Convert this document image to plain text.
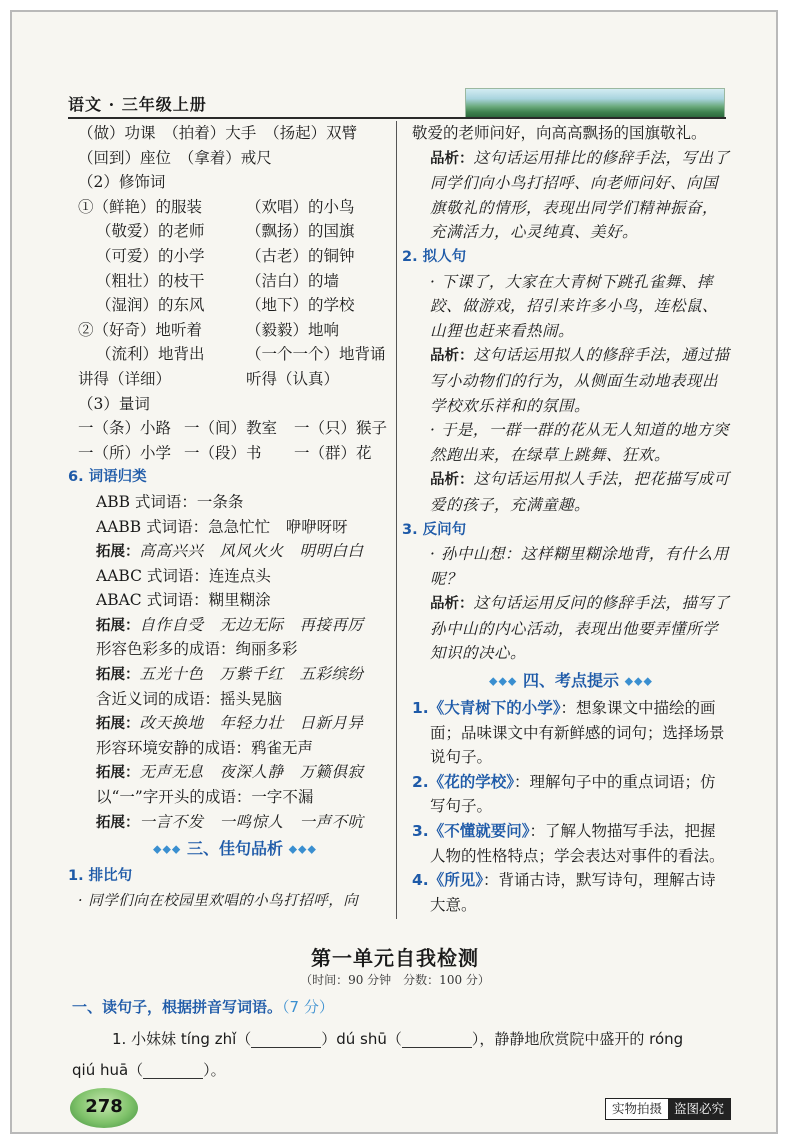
语文 · 三年级上册
（做）功课　 （拍着）大手　 （扬起）双臂
（回到）座位　 （拿着）戒尺
（2）修饰词
①（鲜艳）的服装	（欢唱）的小鸟
（敬爱）的老师	（飘扬）的国旗
（可爱）的小学	（古老）的铜钟
（粗壮）的枝干	（洁白）的墙
（湿润）的东风	（地下）的学校
②（好奇）地听着	（毅毅）地响
（流利）地背出	（一个一个）地背诵
讲得（详细）	听得（认真）
（3）量词
一（条）小路 一（间）教室 一（只）猴子
一（所）小学 一（段）书 一（群）花
6. 词语归类
ABB 式词语：一条条
AABB 式词语：急急忙忙　咿咿呀呀
拓展：高高兴兴　风风火火　明明白白
AABC 式词语：连连点头
ABAC 式词语：糊里糊涂
拓展：自作自受　无边无际　再接再厉
形容色彩多的成语：绚丽多彩
拓展：五光十色　万紫千红　五彩缤纷
含近义词的成语：摇头晃脑
拓展：改天换地　年轻力壮　日新月异
形容环境安静的成语：鸦雀无声
拓展：无声无息　夜深人静　万籁俱寂
以“一”字开头的成语：一字不漏
拓展：一言不发　一鸣惊人　一声不吭
◆◆◆ 三、佳句品析 ◆◆◆
1. 排比句
· 同学们向在校园里欢唱的小鸟打招呼，向
敬爱的老师问好，向高高飘扬的国旗敬礼。
品析：这句话运用排比的修辞手法，写出了同学们向小鸟打招呼、向老师问好、向国旗敬礼的情形，表现出同学们精神振奋，充满活力，心灵纯真、美好。
2. 拟人句
· 下课了，大家在大青树下跳孔雀舞、摔跤、做游戏，招引来许多小鸟，连松鼠、山狸也赶来看热闹。
品析：这句话运用拟人的修辞手法，通过描写小动物们的行为，从侧面生动地表现出学校欢乐祥和的氛围。
· 于是，一群一群的花从无人知道的地方突然跑出来，在绿草上跳舞、狂欢。
品析：这句话运用拟人手法，把花描写成可爱的孩子，充满童趣。
3. 反问句
· 孙中山想：这样糊里糊涂地背，有什么用呢？
品析：这句话运用反问的修辞手法，描写了孙中山的内心活动，表现出他要弄懂所学知识的决心。
◆◆◆ 四、考点提示 ◆◆◆
1.《大青树下的小学》：想象课文中描绘的画面；品味课文中有新鲜感的词句；选择场景说句子。
2.《花的学校》：理解句子中的重点词语；仿写句子。
3.《不懂就要问》：了解人物描写手法，把握人物的性格特点；学会表达对事件的看法。
4.《所见》：背诵古诗，默写诗句，理解古诗大意。
第一单元自我检测
（时间：90 分钟　分数：100 分）
一、读句子，根据拼音写词语。（7 分）
1. 小妹妹 tíng zhǐ（	）dú shū（	），静静地欣赏院中盛开的 róng
qiú huā（	）。
278	实物拍摄 盗图必究
